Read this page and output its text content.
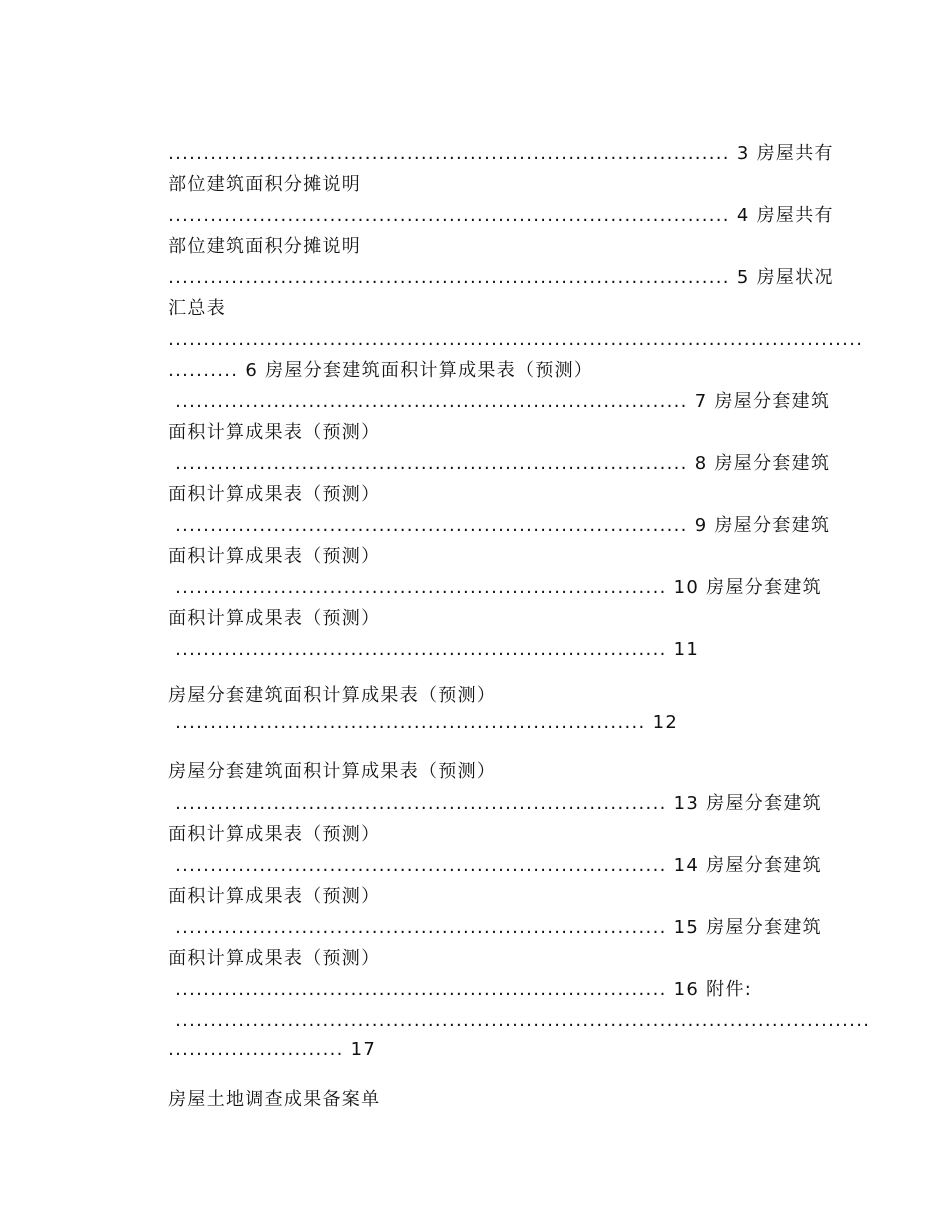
................................................................................ 3 房屋共有

部位建筑面积分摊说明

................................................................................ 4 房屋共有

部位建筑面积分摊说明

................................................................................ 5 房屋状况

汇总表

...................................................................................................

.......... 6 房屋分套建筑面积计算成果表（预测）

......................................................................... 7 房屋分套建筑

面积计算成果表（预测）

......................................................................... 8 房屋分套建筑

面积计算成果表（预测）

......................................................................... 9 房屋分套建筑

面积计算成果表（预测）

...................................................................... 10 房屋分套建筑

面积计算成果表（预测）

...................................................................... 11

房屋分套建筑面积计算成果表（预测）

................................................................... 12

房屋分套建筑面积计算成果表（预测）

...................................................................... 13 房屋分套建筑

面积计算成果表（预测）

...................................................................... 14 房屋分套建筑

面积计算成果表（预测）

...................................................................... 15 房屋分套建筑

面积计算成果表（预测）

...................................................................... 16 附件:

...................................................................................................

......................... 17

房屋土地调查成果备案单
